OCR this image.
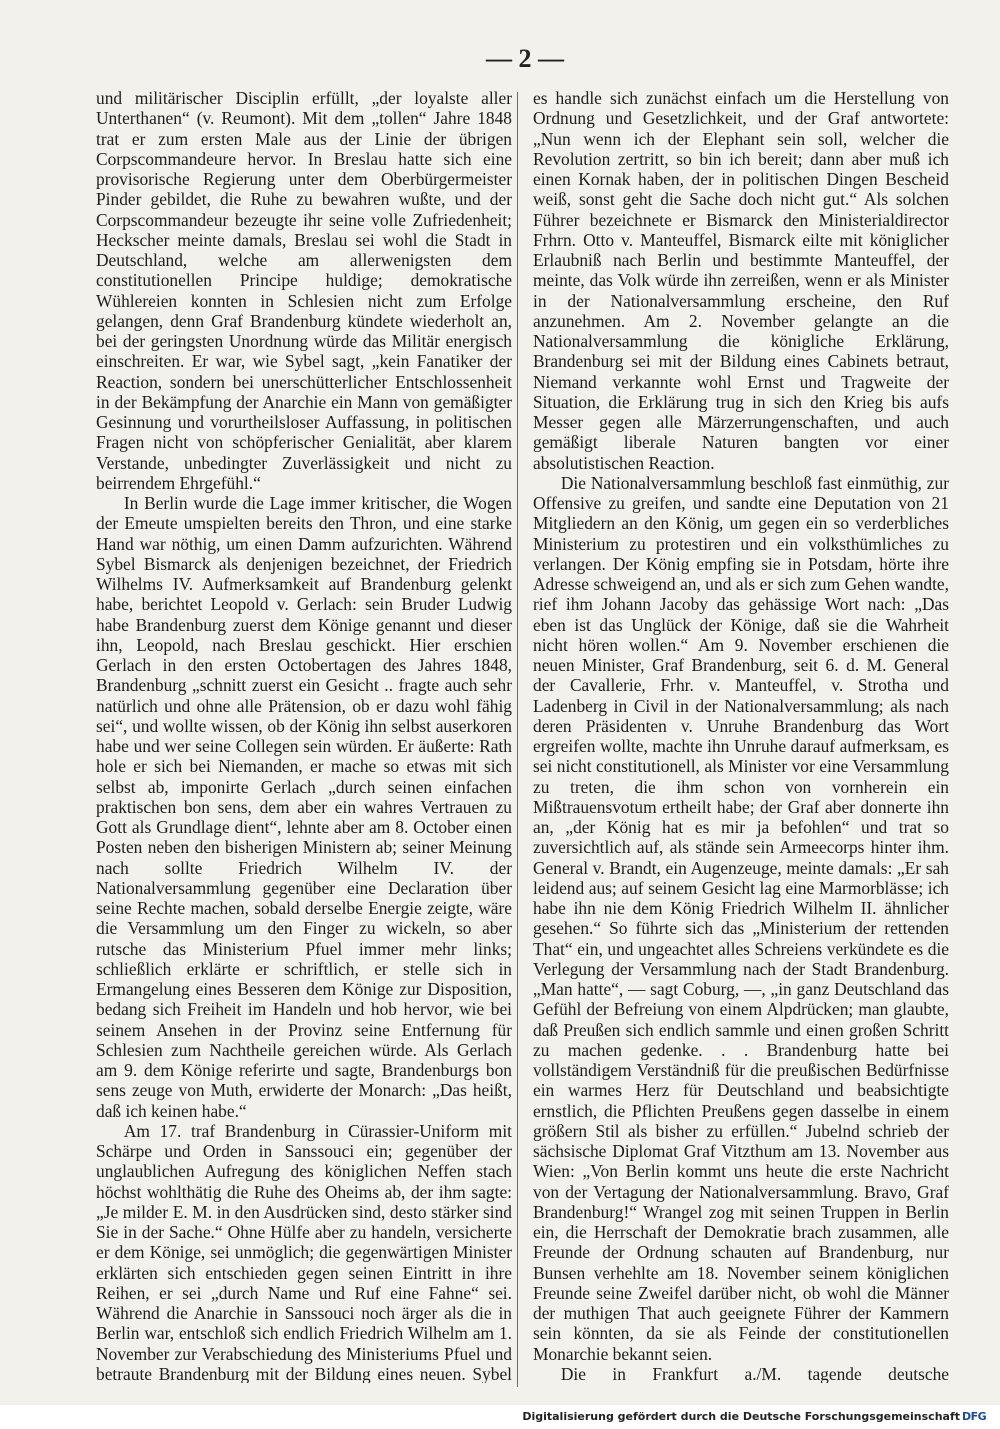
— 2 —

und militärischer Disciplin erfüllt, „der loyalste aller Unterthanen“ (v. Reumont). Mit dem „tollen“ Jahre 1848 trat er zum ersten Male aus der Linie der übrigen Corpscommandeure hervor. In Breslau hatte sich eine provisorische Regierung unter dem Oberbürgermeister Pinder gebildet, die Ruhe zu bewahren wußte, und der Corpscommandeur bezeugte ihr seine volle Zufriedenheit; Heckscher meinte damals, Breslau sei wohl die Stadt in Deutschland, welche am allerwenigsten dem constitutionellen Principe huldige; demokratische Wühlereien konnten in Schlesien nicht zum Erfolge gelangen, denn Graf Brandenburg kündete wiederholt an, bei der geringsten Unordnung würde das Militär energisch einschreiten. Er war, wie Sybel sagt, „kein Fanatiker der Reaction, sondern bei unerschütterlicher Entschlossenheit in der Bekämpfung der Anarchie ein Mann von gemäßigter Gesinnung und vorurtheilsloser Auffassung, in politischen Fragen nicht von schöpferischer Genialität, aber klarem Verstande, unbedingter Zuverlässigkeit und nicht zu beirrendem Ehrgefühl.“

In Berlin wurde die Lage immer kritischer, die Wogen der Emeute umspielten bereits den Thron, und eine starke Hand war nöthig, um einen Damm aufzurichten. Während Sybel Bismarck als denjenigen bezeichnet, der Friedrich Wilhelms IV. Aufmerksamkeit auf Brandenburg gelenkt habe, berichtet Leopold v. Gerlach: sein Bruder Ludwig habe Brandenburg zuerst dem Könige genannt und dieser ihn, Leopold, nach Breslau geschickt. Hier erschien Gerlach in den ersten Octobertagen des Jahres 1848, Brandenburg „schnitt zuerst ein Gesicht .. fragte auch sehr natürlich und ohne alle Prätension, ob er dazu wohl fähig sei“, und wollte wissen, ob der König ihn selbst auserkoren habe und wer seine Collegen sein würden. Er äußerte: Rath hole er sich bei Niemanden, er mache so etwas mit sich selbst ab, imponirte Gerlach „durch seinen einfachen praktischen bon sens, dem aber ein wahres Vertrauen zu Gott als Grundlage dient“, lehnte aber am 8. October einen Posten neben den bisherigen Ministern ab; seiner Meinung nach sollte Friedrich Wilhelm IV. der Nationalversammlung gegenüber eine Declaration über seine Rechte machen, sobald derselbe Energie zeigte, wäre die Versammlung um den Finger zu wickeln, so aber rutsche das Ministerium Pfuel immer mehr links; schließlich erklärte er schriftlich, er stelle sich in Ermangelung eines Besseren dem Könige zur Disposition, bedang sich Freiheit im Handeln und hob hervor, wie bei seinem Ansehen in der Provinz seine Entfernung für Schlesien zum Nachtheile gereichen würde. Als Gerlach am 9. dem Könige referirte und sagte, Brandenburgs bon sens zeuge von Muth, erwiderte der Monarch: „Das heißt, daß ich keinen habe.“

Am 17. traf Brandenburg in Cürassier-Uniform mit Schärpe und Orden in Sanssouci ein; gegenüber der unglaublichen Aufregung des königlichen Neffen stach höchst wohlthätig die Ruhe des Oheims ab, der ihm sagte: „Je milder E. M. in den Ausdrücken sind, desto stärker sind Sie in der Sache.“ Ohne Hülfe aber zu handeln, versicherte er dem Könige, sei unmöglich; die gegenwärtigen Minister erklärten sich entschieden gegen seinen Eintritt in ihre Reihen, er sei „durch Name und Ruf eine Fahne“ sei. Während die Anarchie in Sanssouci noch ärger als die in Berlin war, entschloß sich endlich Friedrich Wilhelm am 1. November zur Verabschiedung des Ministeriums Pfuel und betraute Brandenburg mit der Bildung eines neuen. Sybel

es handle sich zunächst einfach um die Herstellung von Ordnung und Gesetzlichkeit, und der Graf antwortete: „Nun wenn ich der Elephant sein soll, welcher die Revolution zertritt, so bin ich bereit; dann aber muß ich einen Kornak haben, der in politischen Dingen Bescheid weiß, sonst geht die Sache doch nicht gut.“ Als solchen Führer bezeichnete er Bismarck den Ministerialdirector Frhrn. Otto v. Manteuffel, Bismarck eilte mit königlicher Erlaubniß nach Berlin und bestimmte Manteuffel, der meinte, das Volk würde ihn zerreißen, wenn er als Minister in der Nationalversammlung erscheine, den Ruf anzunehmen. Am 2. November gelangte an die Nationalversammlung die königliche Erklärung, Brandenburg sei mit der Bildung eines Cabinets betraut, Niemand verkannte wohl Ernst und Tragweite der Situation, die Erklärung trug in sich den Krieg bis aufs Messer gegen alle Märzerrungenschaften, und auch gemäßigt liberale Naturen bangten vor einer absolutistischen Reaction.

Die Nationalversammlung beschloß fast einmüthig, zur Offensive zu greifen, und sandte eine Deputation von 21 Mitgliedern an den König, um gegen ein so verderbliches Ministerium zu protestiren und ein volksthümliches zu verlangen. Der König empfing sie in Potsdam, hörte ihre Adresse schweigend an, und als er sich zum Gehen wandte, rief ihm Johann Jacoby das gehässige Wort nach: „Das eben ist das Unglück der Könige, daß sie die Wahrheit nicht hören wollen.“ Am 9. November erschienen die neuen Minister, Graf Brandenburg, seit 6. d. M. General der Cavallerie, Frhr. v. Manteuffel, v. Strotha und Ladenberg in Civil in der Nationalversammlung; als nach deren Präsidenten v. Unruhe Brandenburg das Wort ergreifen wollte, machte ihn Unruhe darauf aufmerksam, es sei nicht constitutionell, als Minister vor eine Versammlung zu treten, die ihm schon von vornherein ein Mißtrauensvotum ertheilt habe; der Graf aber donnerte ihn an, „der König hat es mir ja befohlen“ und trat so zuversichtlich auf, als stände sein Armeecorps hinter ihm. General v. Brandt, ein Augenzeuge, meinte damals: „Er sah leidend aus; auf seinem Gesicht lag eine Marmorblässe; ich habe ihn nie dem König Friedrich Wilhelm II. ähnlicher gesehen.“ So führte sich das „Ministerium der rettenden That“ ein, und ungeachtet alles Schreiens verkündete es die Verlegung der Versammlung nach der Stadt Brandenburg. „Man hatte“, — sagt Coburg, —, „in ganz Deutschland das Gefühl der Befreiung von einem Alpdrücken; man glaubte, daß Preußen sich endlich sammle und einen großen Schritt zu machen gedenke. . . Brandenburg hatte bei vollständigem Verständniß für die preußischen Bedürfnisse ein warmes Herz für Deutschland und beabsichtigte ernstlich, die Pflichten Preußens gegen dasselbe in einem größern Stil als bisher zu erfüllen.“ Jubelnd schrieb der sächsische Diplomat Graf Vitzthum am 13. November aus Wien: „Von Berlin kommt uns heute die erste Nachricht von der Vertagung der Nationalversammlung. Bravo, Graf Brandenburg!“ Wrangel zog mit seinen Truppen in Berlin ein, die Herrschaft der Demokratie brach zusammen, alle Freunde der Ordnung schauten auf Brandenburg, nur Bunsen verhehlte am 18. November seinem königlichen Freunde seine Zweifel darüber nicht, ob wohl die Männer der muthigen That auch geeignete Führer der Kammern sein könnten, da sie als Feinde der constitutionellen Monarchie bekannt seien.

Die in Frankfurt a./M. tagende deutsche

Digitalisierung gefördert durch die Deutsche Forschungsgemeinschaft DFG
